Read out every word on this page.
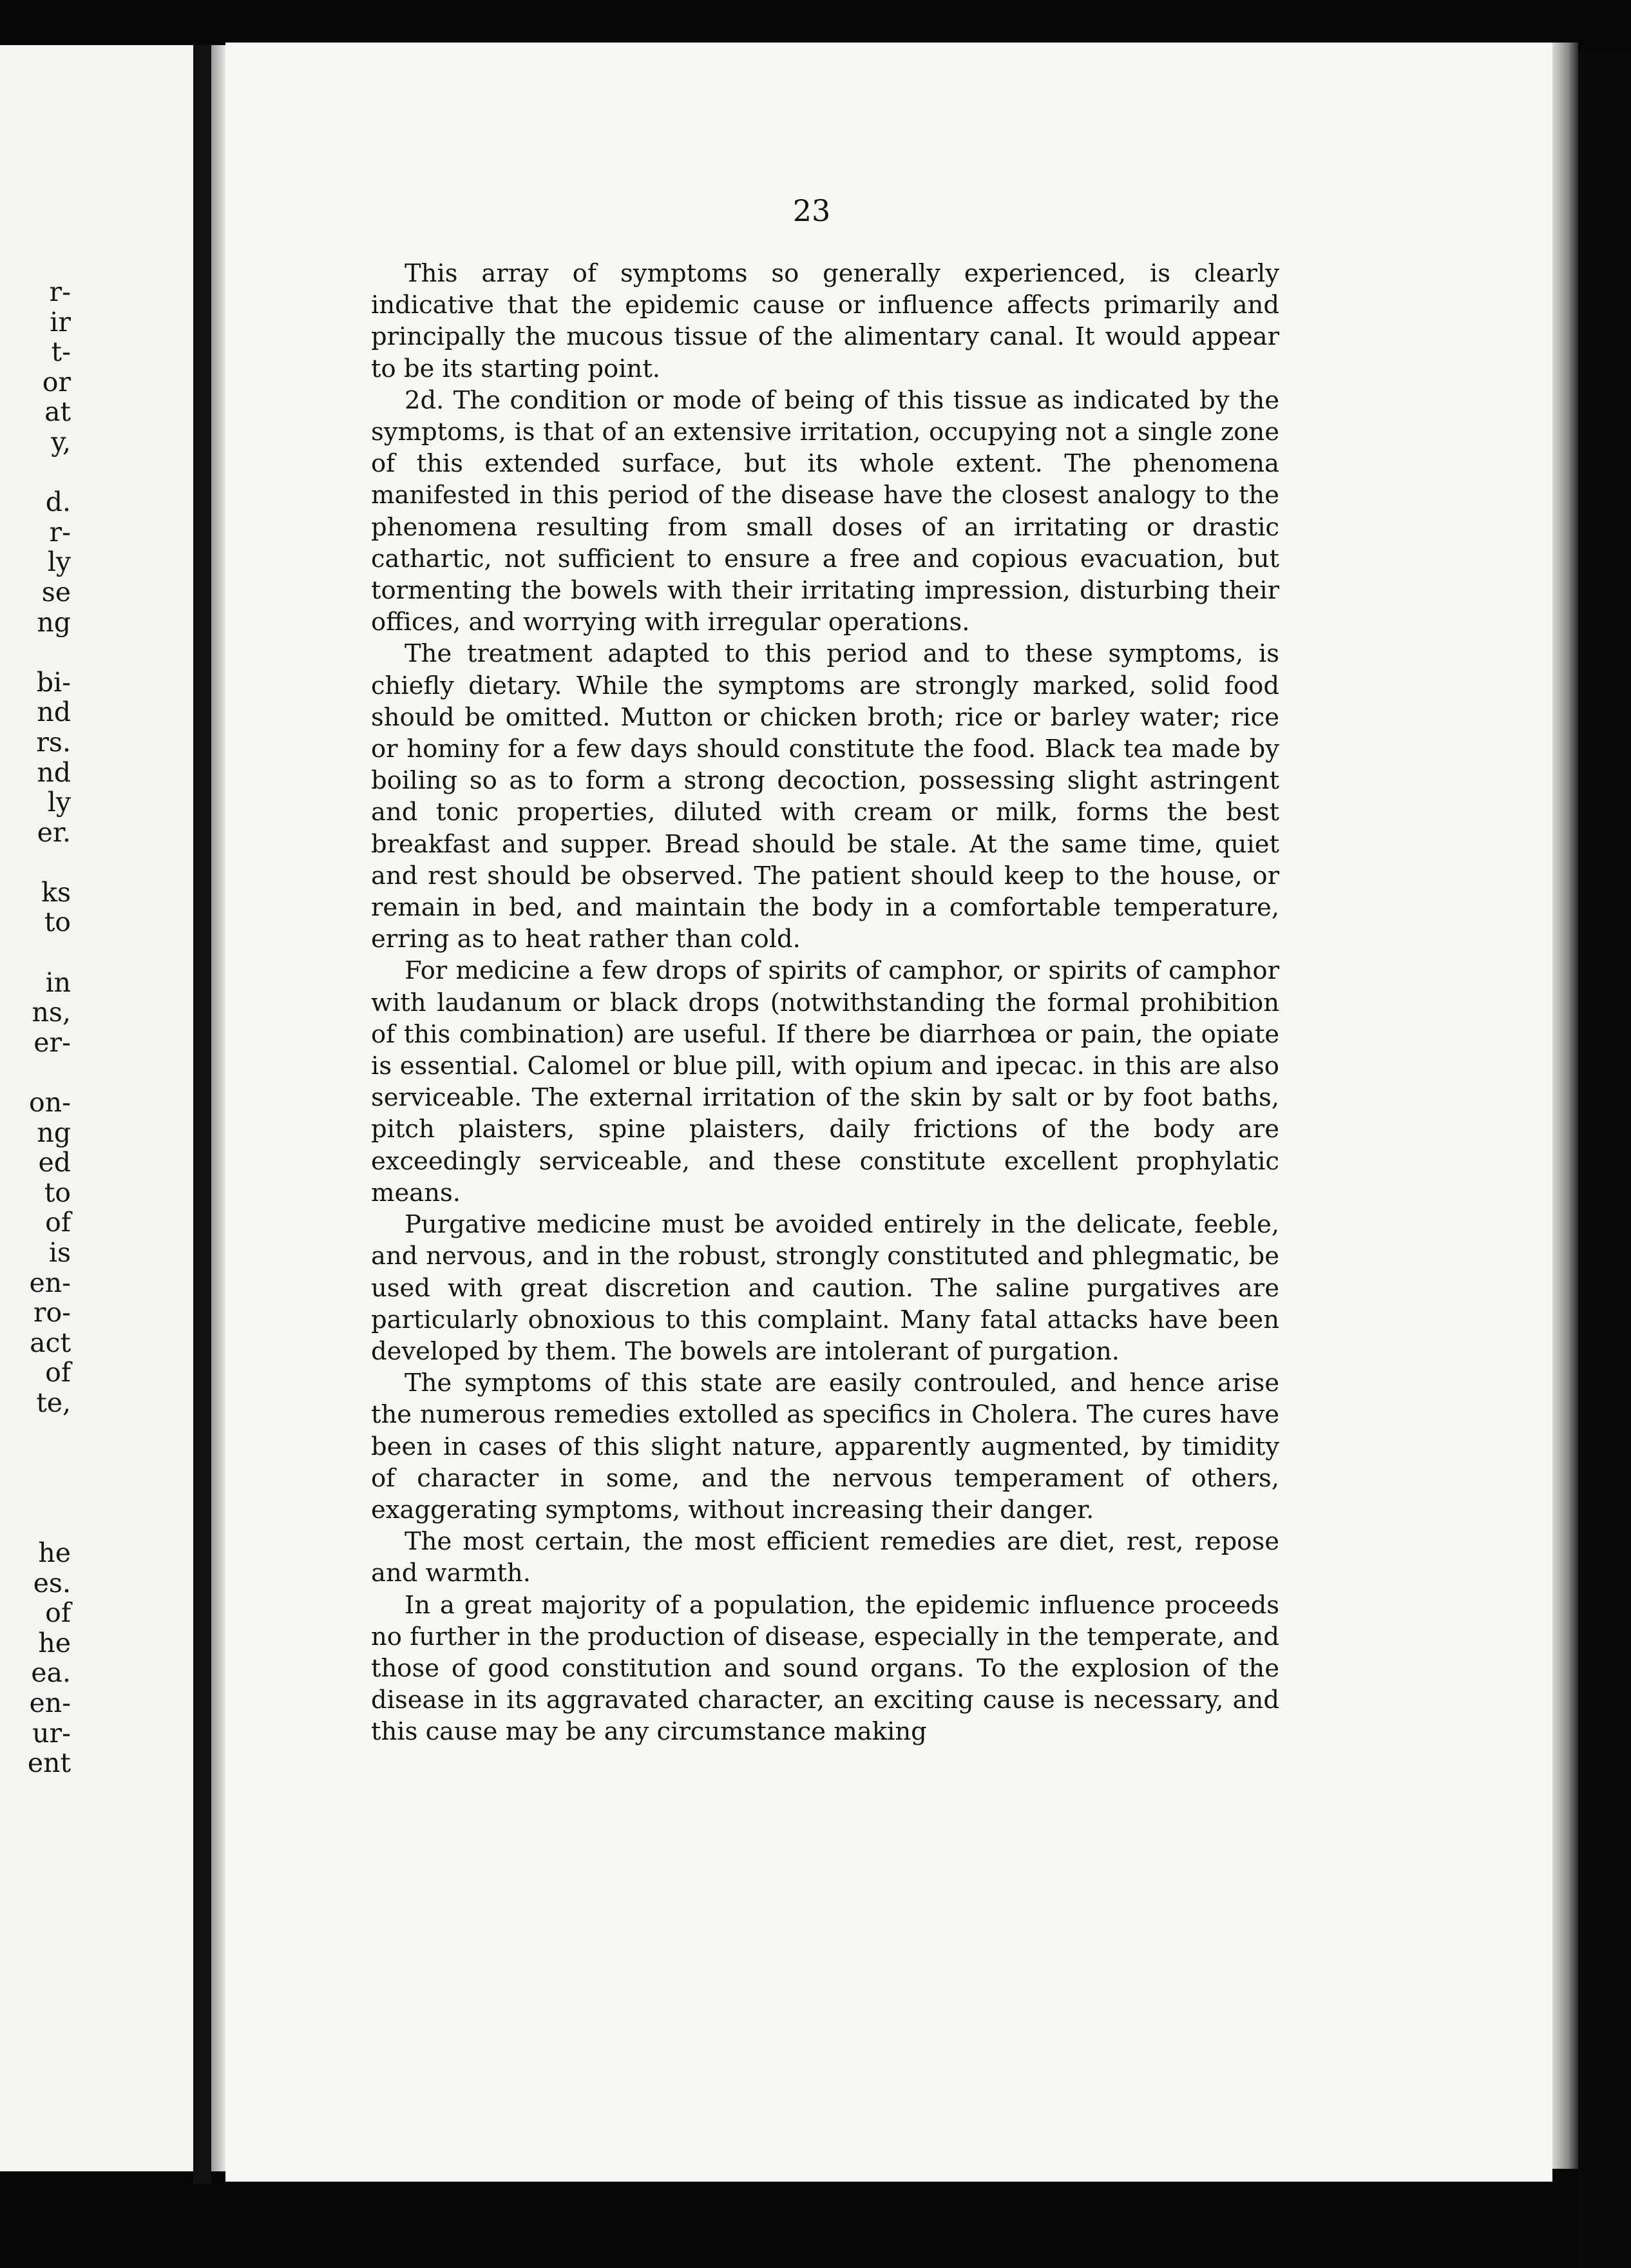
r-
ir
t-
or
at
y,
d.
r-
ly
se
ng
bi-
nd
rs.
nd
ly
er.
ks
to
in
ns,
er-
on-
ng
ed
to
of
is
en-
ro-
act
of
te,
he
es.
of
he
ea.
en-
ur-
ent
23

This array of symptoms so generally experienced, is clearly indicative that the epidemic cause or influence affects primarily and principally the mucous tissue of the alimentary canal. It would appear to be its starting point.

2d. The condition or mode of being of this tissue as indicated by the symptoms, is that of an extensive irritation, occupying not a single zone of this extended surface, but its whole extent. The phenomena manifested in this period of the disease have the closest analogy to the phenomena resulting from small doses of an irritating or drastic cathartic, not sufficient to ensure a free and copious evacuation, but tormenting the bowels with their irritating impression, disturbing their offices, and worrying with irregular operations.

The treatment adapted to this period and to these symptoms, is chiefly dietary. While the symptoms are strongly marked, solid food should be omitted. Mutton or chicken broth; rice or barley water; rice or hominy for a few days should constitute the food. Black tea made by boiling so as to form a strong decoction, possessing slight astringent and tonic properties, diluted with cream or milk, forms the best breakfast and supper. Bread should be stale. At the same time, quiet and rest should be observed. The patient should keep to the house, or remain in bed, and maintain the body in a comfortable temperature, erring as to heat rather than cold.

For medicine a few drops of spirits of camphor, or spirits of camphor with laudanum or black drops (notwithstanding the formal prohibition of this combination) are useful. If there be diarrhœa or pain, the opiate is essential. Calomel or blue pill, with opium and ipecac. in this are also serviceable. The external irritation of the skin by salt or by foot baths, pitch plaisters, spine plaisters, daily frictions of the body are exceedingly serviceable, and these constitute excellent prophylatic means.

Purgative medicine must be avoided entirely in the delicate, feeble, and nervous, and in the robust, strongly constituted and phlegmatic, be used with great discretion and caution. The saline purgatives are particularly obnoxious to this complaint. Many fatal attacks have been developed by them. The bowels are intolerant of purgation.

The symptoms of this state are easily controuled, and hence arise the numerous remedies extolled as specifics in Cholera. The cures have been in cases of this slight nature, apparently augmented, by timidity of character in some, and the nervous temperament of others, exaggerating symptoms, without increasing their danger.

The most certain, the most efficient remedies are diet, rest, repose and warmth.

In a great majority of a population, the epidemic influence proceeds no further in the production of disease, especially in the temperate, and those of good constitution and sound organs. To the explosion of the disease in its aggravated character, an exciting cause is necessary, and this cause may be any circumstance making
